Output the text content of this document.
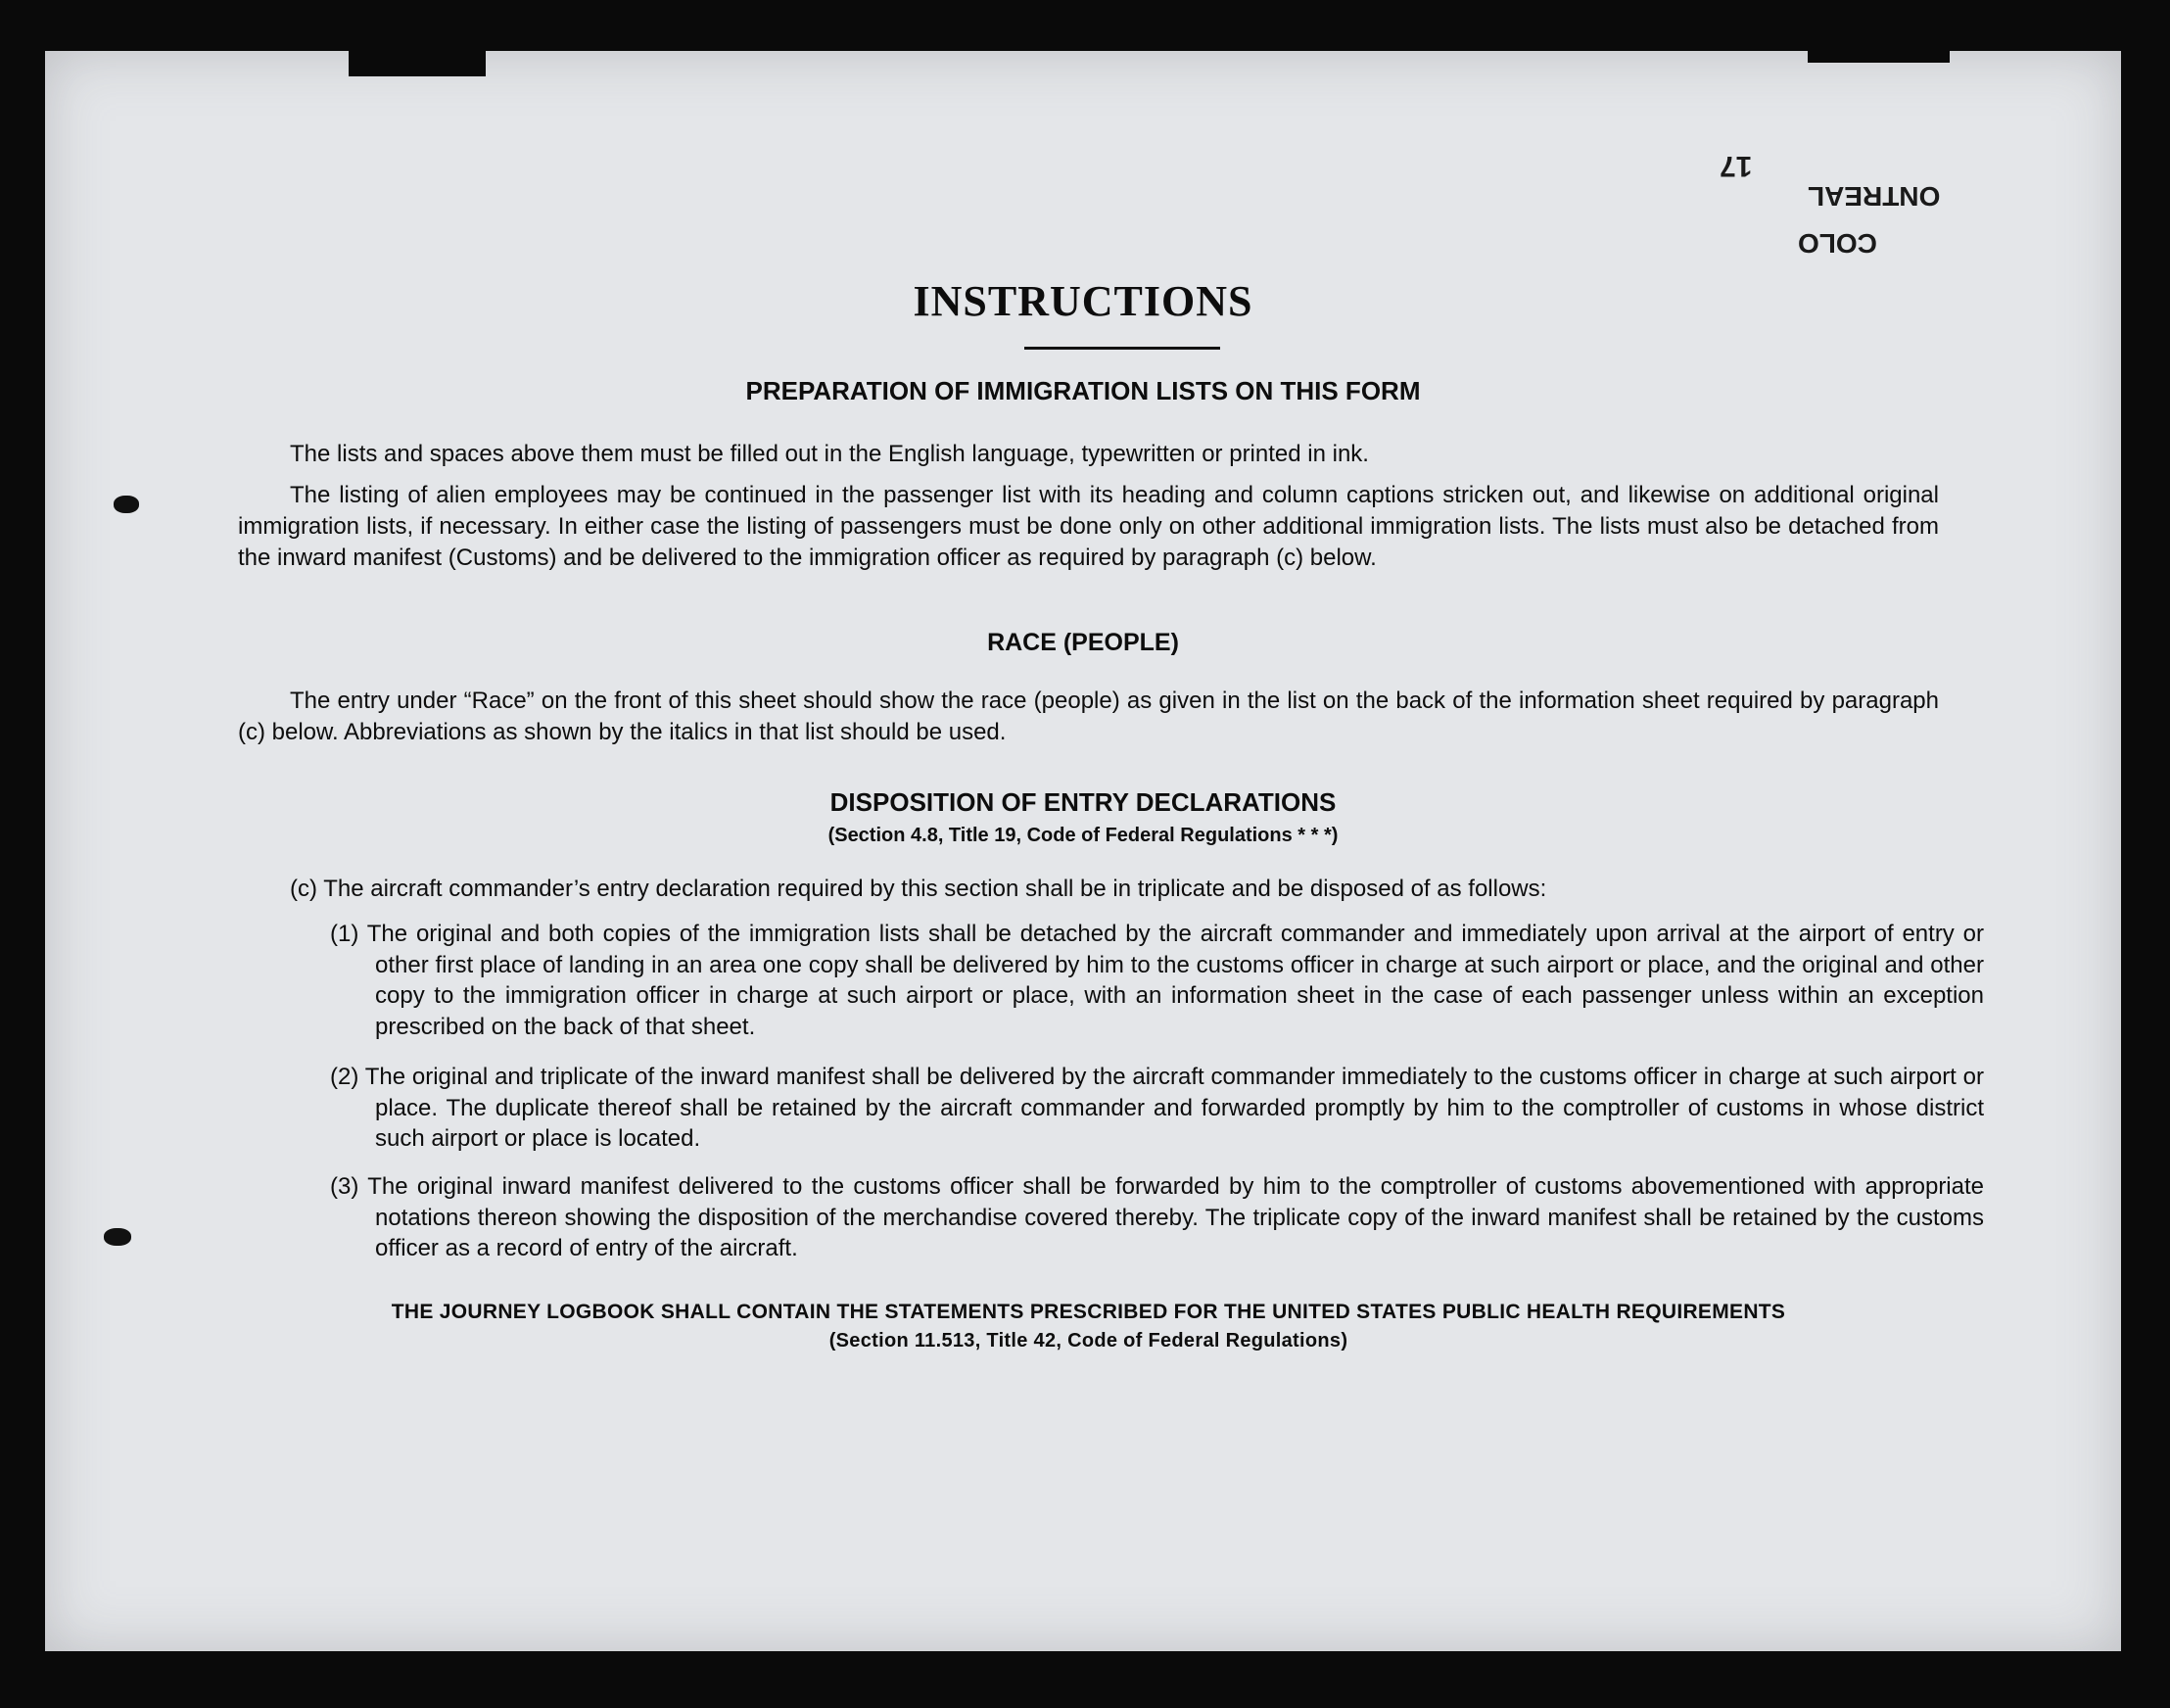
17
ONTREAL
COLO
INSTRUCTIONS
PREPARATION OF IMMIGRATION LISTS ON THIS FORM
The lists and spaces above them must be filled out in the English language, typewritten or printed in ink.
The listing of alien employees may be continued in the passenger list with its heading and column captions stricken out, and likewise on additional original immigration lists, if necessary. In either case the listing of passengers must be done only on other additional immigration lists. The lists must also be detached from the inward manifest (Customs) and be delivered to the immigration officer as required by paragraph (c) below.
RACE (PEOPLE)
The entry under “Race” on the front of this sheet should show the race (people) as given in the list on the back of the information sheet required by paragraph (c) below. Abbreviations as shown by the italics in that list should be used.
DISPOSITION OF ENTRY DECLARATIONS
(Section 4.8, Title 19, Code of Federal Regulations * * *)
(c) The aircraft commander’s entry declaration required by this section shall be in triplicate and be disposed of as follows:
(1) The original and both copies of the immigration lists shall be detached by the aircraft commander and immediately upon arrival at the airport of entry or other first place of landing in an area one copy shall be delivered by him to the customs officer in charge at such airport or place, and the original and other copy to the immigration officer in charge at such airport or place, with an information sheet in the case of each passenger unless within an exception prescribed on the back of that sheet.
(2) The original and triplicate of the inward manifest shall be delivered by the aircraft commander immediately to the customs officer in charge at such airport or place. The duplicate thereof shall be retained by the aircraft commander and forwarded promptly by him to the comptroller of customs in whose district such airport or place is located.
(3) The original inward manifest delivered to the customs officer shall be forwarded by him to the comptroller of customs abovementioned with appropriate notations thereon showing the disposition of the merchandise covered thereby. The triplicate copy of the inward manifest shall be retained by the customs officer as a record of entry of the aircraft.
THE JOURNEY LOGBOOK SHALL CONTAIN THE STATEMENTS PRESCRIBED FOR THE UNITED STATES PUBLIC HEALTH REQUIREMENTS
(Section 11.513, Title 42, Code of Federal Regulations)
